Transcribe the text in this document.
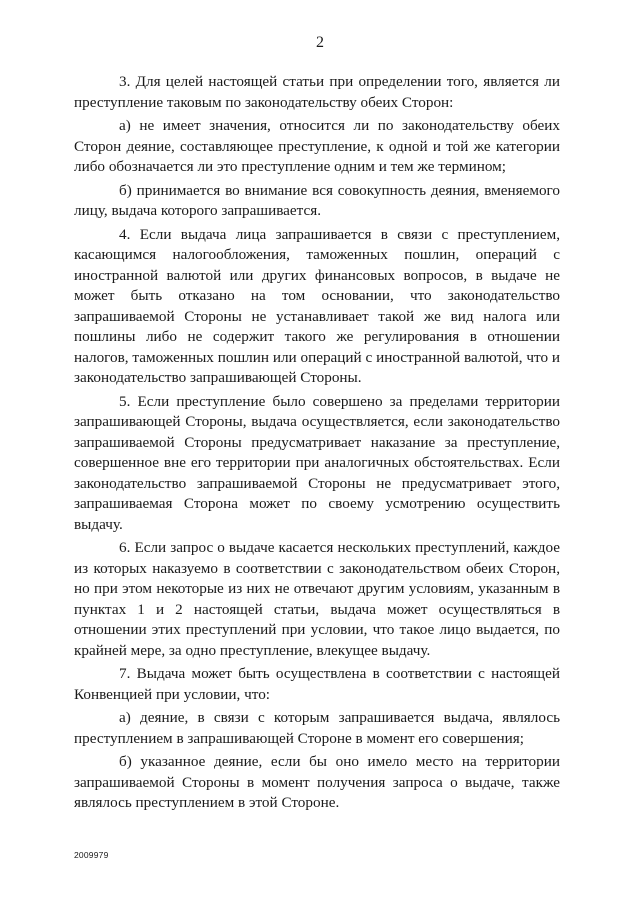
2

3. Для целей настоящей статьи при определении того, является ли преступление таковым по законодательству обеих Сторон:

а) не имеет значения, относится ли по законодательству обеих Сторон деяние, составляющее преступление, к одной и той же категории либо обозначается ли это преступление одним и тем же термином;

б) принимается во внимание вся совокупность деяния, вменяемого лицу, выдача которого запрашивается.

4. Если выдача лица запрашивается в связи с преступлением, касающимся налогообложения, таможенных пошлин, операций с иностранной валютой или других финансовых вопросов, в выдаче не может быть отказано на том основании, что законодательство запрашиваемой Стороны не устанавливает такой же вид налога или пошлины либо не содержит такого же регулирования в отношении налогов, таможенных пошлин или операций с иностранной валютой, что и законодательство запрашивающей Стороны.

5. Если преступление было совершено за пределами территории запрашивающей Стороны, выдача осуществляется, если законодательство запрашиваемой Стороны предусматривает наказание за преступление, совершенное вне его территории при аналогичных обстоятельствах. Если законодательство запрашиваемой Стороны не предусматривает этого, запрашиваемая Сторона может по своему усмотрению осуществить выдачу.

6. Если запрос о выдаче касается нескольких преступлений, каждое из которых наказуемо в соответствии с законодательством обеих Сторон, но при этом некоторые из них не отвечают другим условиям, указанным в пунктах 1 и 2 настоящей статьи, выдача может осуществляться в отношении этих преступлений при условии, что такое лицо выдается, по крайней мере, за одно преступление, влекущее выдачу.

7. Выдача может быть осуществлена в соответствии с настоящей Конвенцией при условии, что:

а) деяние, в связи с которым запрашивается выдача, являлось преступлением в запрашивающей Стороне в момент его совершения;

б) указанное деяние, если бы оно имело место на территории запрашиваемой Стороны в момент получения запроса о выдаче, также являлось преступлением в этой Стороне.

2009979
